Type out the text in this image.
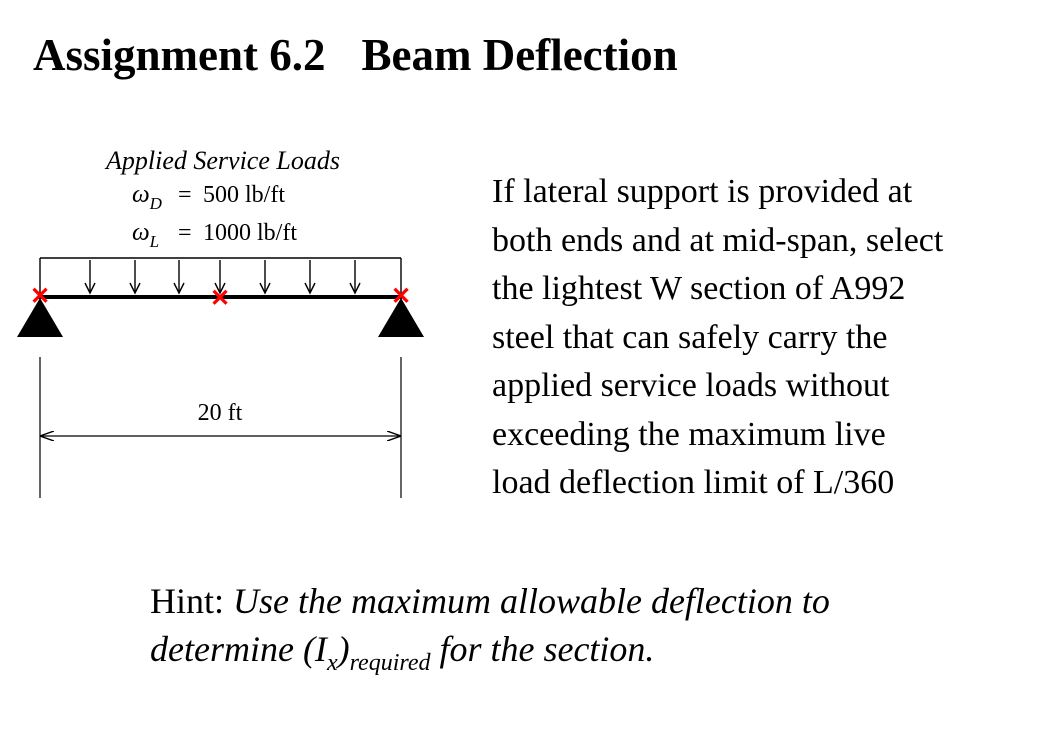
Assignment 6.2 Beam Deflection
Applied Service Loads
$\omega_D = 500$ lb/ft
$\omega_L = 1000$ lb/ft
✕	✕	✕
20 ft

If lateral support is provided at
both ends and at mid-span, select
the lightest W section of A992
steel that can safely carry the
applied service loads without
exceeding the maximum live
load deflection limit of L/360

Hint: Use the maximum allowable deflection to
determine $(I_x)_{required}$ for the section.
